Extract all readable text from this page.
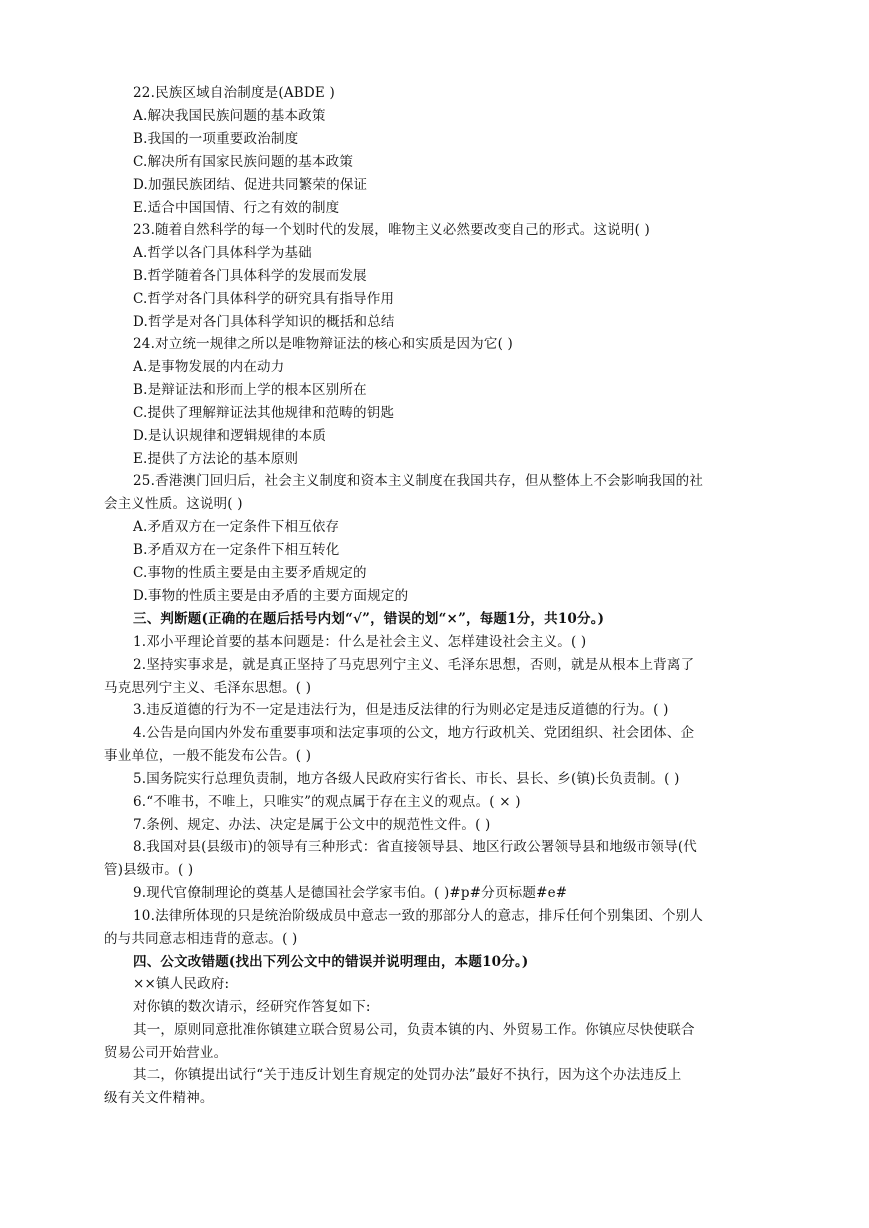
22.民族区域自治制度是(ABDE )
A.解决我国民族问题的基本政策
B.我国的一项重要政治制度
C.解决所有国家民族问题的基本政策
D.加强民族团结、促进共同繁荣的保证
E.适合中国国情、行之有效的制度
23.随着自然科学的每一个划时代的发展，唯物主义必然要改变自己的形式。这说明( )
A.哲学以各门具体科学为基础
B.哲学随着各门具体科学的发展而发展
C.哲学对各门具体科学的研究具有指导作用
D.哲学是对各门具体科学知识的概括和总结
24.对立统一规律之所以是唯物辩证法的核心和实质是因为它( )
A.是事物发展的内在动力
B.是辩证法和形而上学的根本区别所在
C.提供了理解辩证法其他规律和范畴的钥匙
D.是认识规律和逻辑规律的本质
E.提供了方法论的基本原则
25.香港澳门回归后，社会主义制度和资本主义制度在我国共存，但从整体上不会影响我国的社
会主义性质。这说明( )
A.矛盾双方在一定条件下相互依存
B.矛盾双方在一定条件下相互转化
C.事物的性质主要是由主要矛盾规定的
D.事物的性质主要是由矛盾的主要方面规定的
三、判断题(正确的在题后括号内划“√”，错误的划“×”，每题1分，共10分。)
1.邓小平理论首要的基本问题是：什么是社会主义、怎样建设社会主义。( )
2.坚持实事求是，就是真正坚持了马克思列宁主义、毛泽东思想，否则，就是从根本上背离了
马克思列宁主义、毛泽东思想。( )
3.违反道德的行为不一定是违法行为，但是违反法律的行为则必定是违反道德的行为。( )
4.公告是向国内外发布重要事项和法定事项的公文，地方行政机关、党团组织、社会团体、企
事业单位，一般不能发布公告。( )
5.国务院实行总理负责制，地方各级人民政府实行省长、市长、县长、乡(镇)长负责制。( )
6.“不唯书，不唯上，只唯实”的观点属于存在主义的观点。( × )
7.条例、规定、办法、决定是属于公文中的规范性文件。( )
8.我国对县(县级市)的领导有三种形式：省直接领导县、地区行政公署领导县和地级市领导(代
管)县级市。( )
9.现代官僚制理论的奠基人是德国社会学家韦伯。( )#p#分页标题#e#
10.法律所体现的只是统治阶级成员中意志一致的那部分人的意志，排斥任何个别集团、个别人
的与共同意志相违背的意志。( )
四、公文改错题(找出下列公文中的错误并说明理由，本题10分。)
××镇人民政府:
对你镇的数次请示，经研究作答复如下:
其一，原则同意批准你镇建立联合贸易公司，负责本镇的内、外贸易工作。你镇应尽快使联合
贸易公司开始营业。
其二，你镇提出试行“关于违反计划生育规定的处罚办法”最好不执行，因为这个办法违反上
级有关文件精神。
